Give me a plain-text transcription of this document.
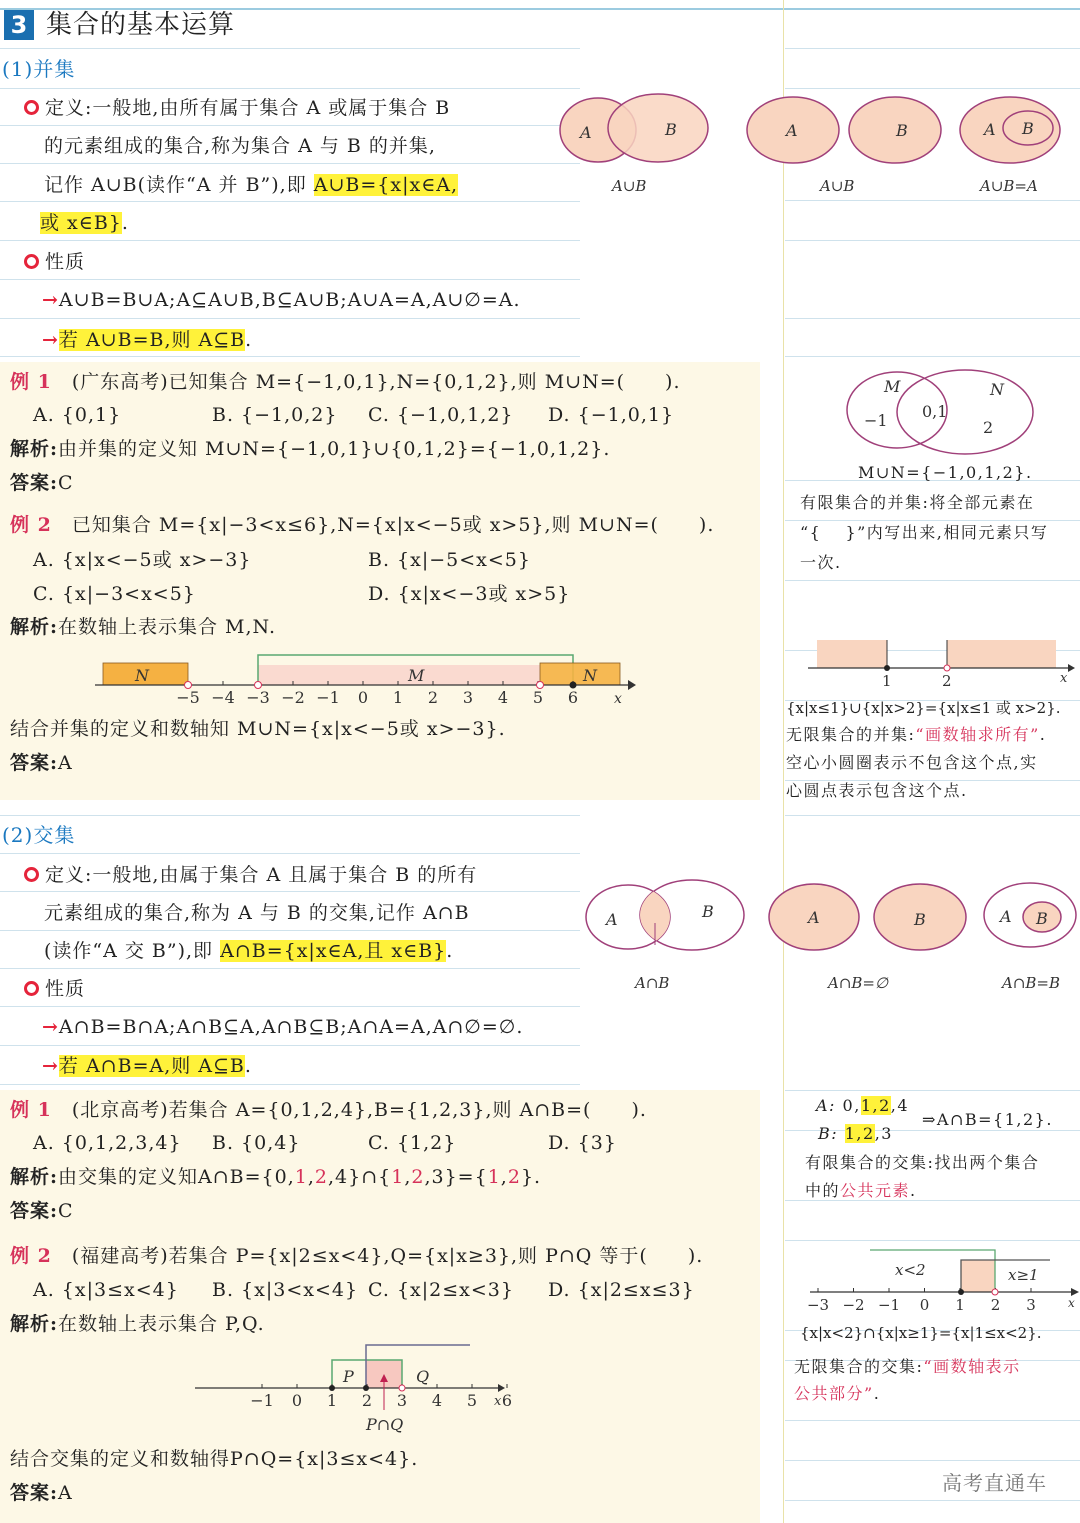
3 集合的基本运算
(1)并集
定义:一般地,由所有属于集合 A 或属于集合 B
的元素组成的集合,称为集合 A 与 B 的并集,
记作 A∪B(读作“A 并 B”),即 A∪B={x|x∈A,
或 x∈B}.
性质
→A∪B=B∪A;A⊆A∪B,B⊆A∪B;A∪A=A,A∪∅=A.
→若 A∪B=B,则 A⊆B.
A	B	A	B	A B
A∪B	A∪B	A∪B=A
例 1　 (广东高考)已知集合 M={−1,0,1},N={0,1,2},则 M∪N=(　　).
A. {0,1}	B. {−1,0,2} C. {−1,0,1,2} D. {−1,0,1}
解析:由并集的定义知 M∪N={−1,0,1}∪{0,1,2}={−1,0,1,2}.
答案:C
例 2　 已知集合 M={x|−3<x≤6},N={x|x<−5或 x>5},则 M∪N=(　　).
A. {x|x<−5或 x>−3}	B. {x|−5<x<5}
C. {x|−3<x<5}	D. {x|x<−3或 x>5}
解析:在数轴上表示集合 M,N.
−5 −4 −3 −2 −1 0 1 2 3 4 5 6
N	M	N
x
结合并集的定义和数轴知 M∪N={x|x<−5或 x>−3}.
答案:A
M	N
−1 0,1
2
M∪N={−1,0,1,2}.
有限集合的并集:将全部元素在
“{　 }”内写出来,相同元素只写
一次.
1	2	x
{x|x≤1}∪{x|x>2}={x|x≤1 或 x>2}.
无限集合的并集:“画数轴求所有”.
空心小圆圈表示不包含这个点,实
心圆点表示包含这个点.
(2)交集
定义:一般地,由属于集合 A 且属于集合 B 的所有
元素组成的集合,称为 A 与 B 的交集,记作 A∩B
(读作“A 交 B”),即 A∩B={x|x∈A,且 x∈B}.
性质
→A∩B=B∩A;A∩B⊆A,A∩B⊆B;A∩A=A,A∩∅=∅.
→若 A∩B=A,则 A⊆B.
A	B	A	B	A B
A∩B	A∩B=∅	A∩B=B
例 1　 (北京高考)若集合 A={0,1,2,4},B={1,2,3},则 A∩B=(　　).
A. {0,1,2,3,4} B. {0,4}	C. {1,2}	D. {3}
解析:由交集的定义知A∩B={0,1,2,4}∩{1,2,3}={1,2}.
答案:C
例 2　 (福建高考)若集合 P={x|2≤x<4},Q={x|x≥3},则 P∩Q 等于(　　).
A. {x|3≤x<4} B. {x|3<x<4} C. {x|2≤x<3} D. {x|2≤x≤3}
解析:在数轴上表示集合 P,Q.
−1 0 1 2 3 4 5 6
P	Q
P∩Q
x
结合交集的定义和数轴得P∩Q={x|3≤x<4}.
答案:A
A: 0,1,2,4
B: 1,2,3
⇒A∩B={1,2}.
有限集合的交集:找出两个集合
中的公共元素.
−3 −2 −1 0 1 2 3
x<2	x≥1
x
{x|x<2}∩{x|x≥1}={x|1≤x<2}.
无限集合的交集:“画数轴表示
公共部分”.
高考直通车
